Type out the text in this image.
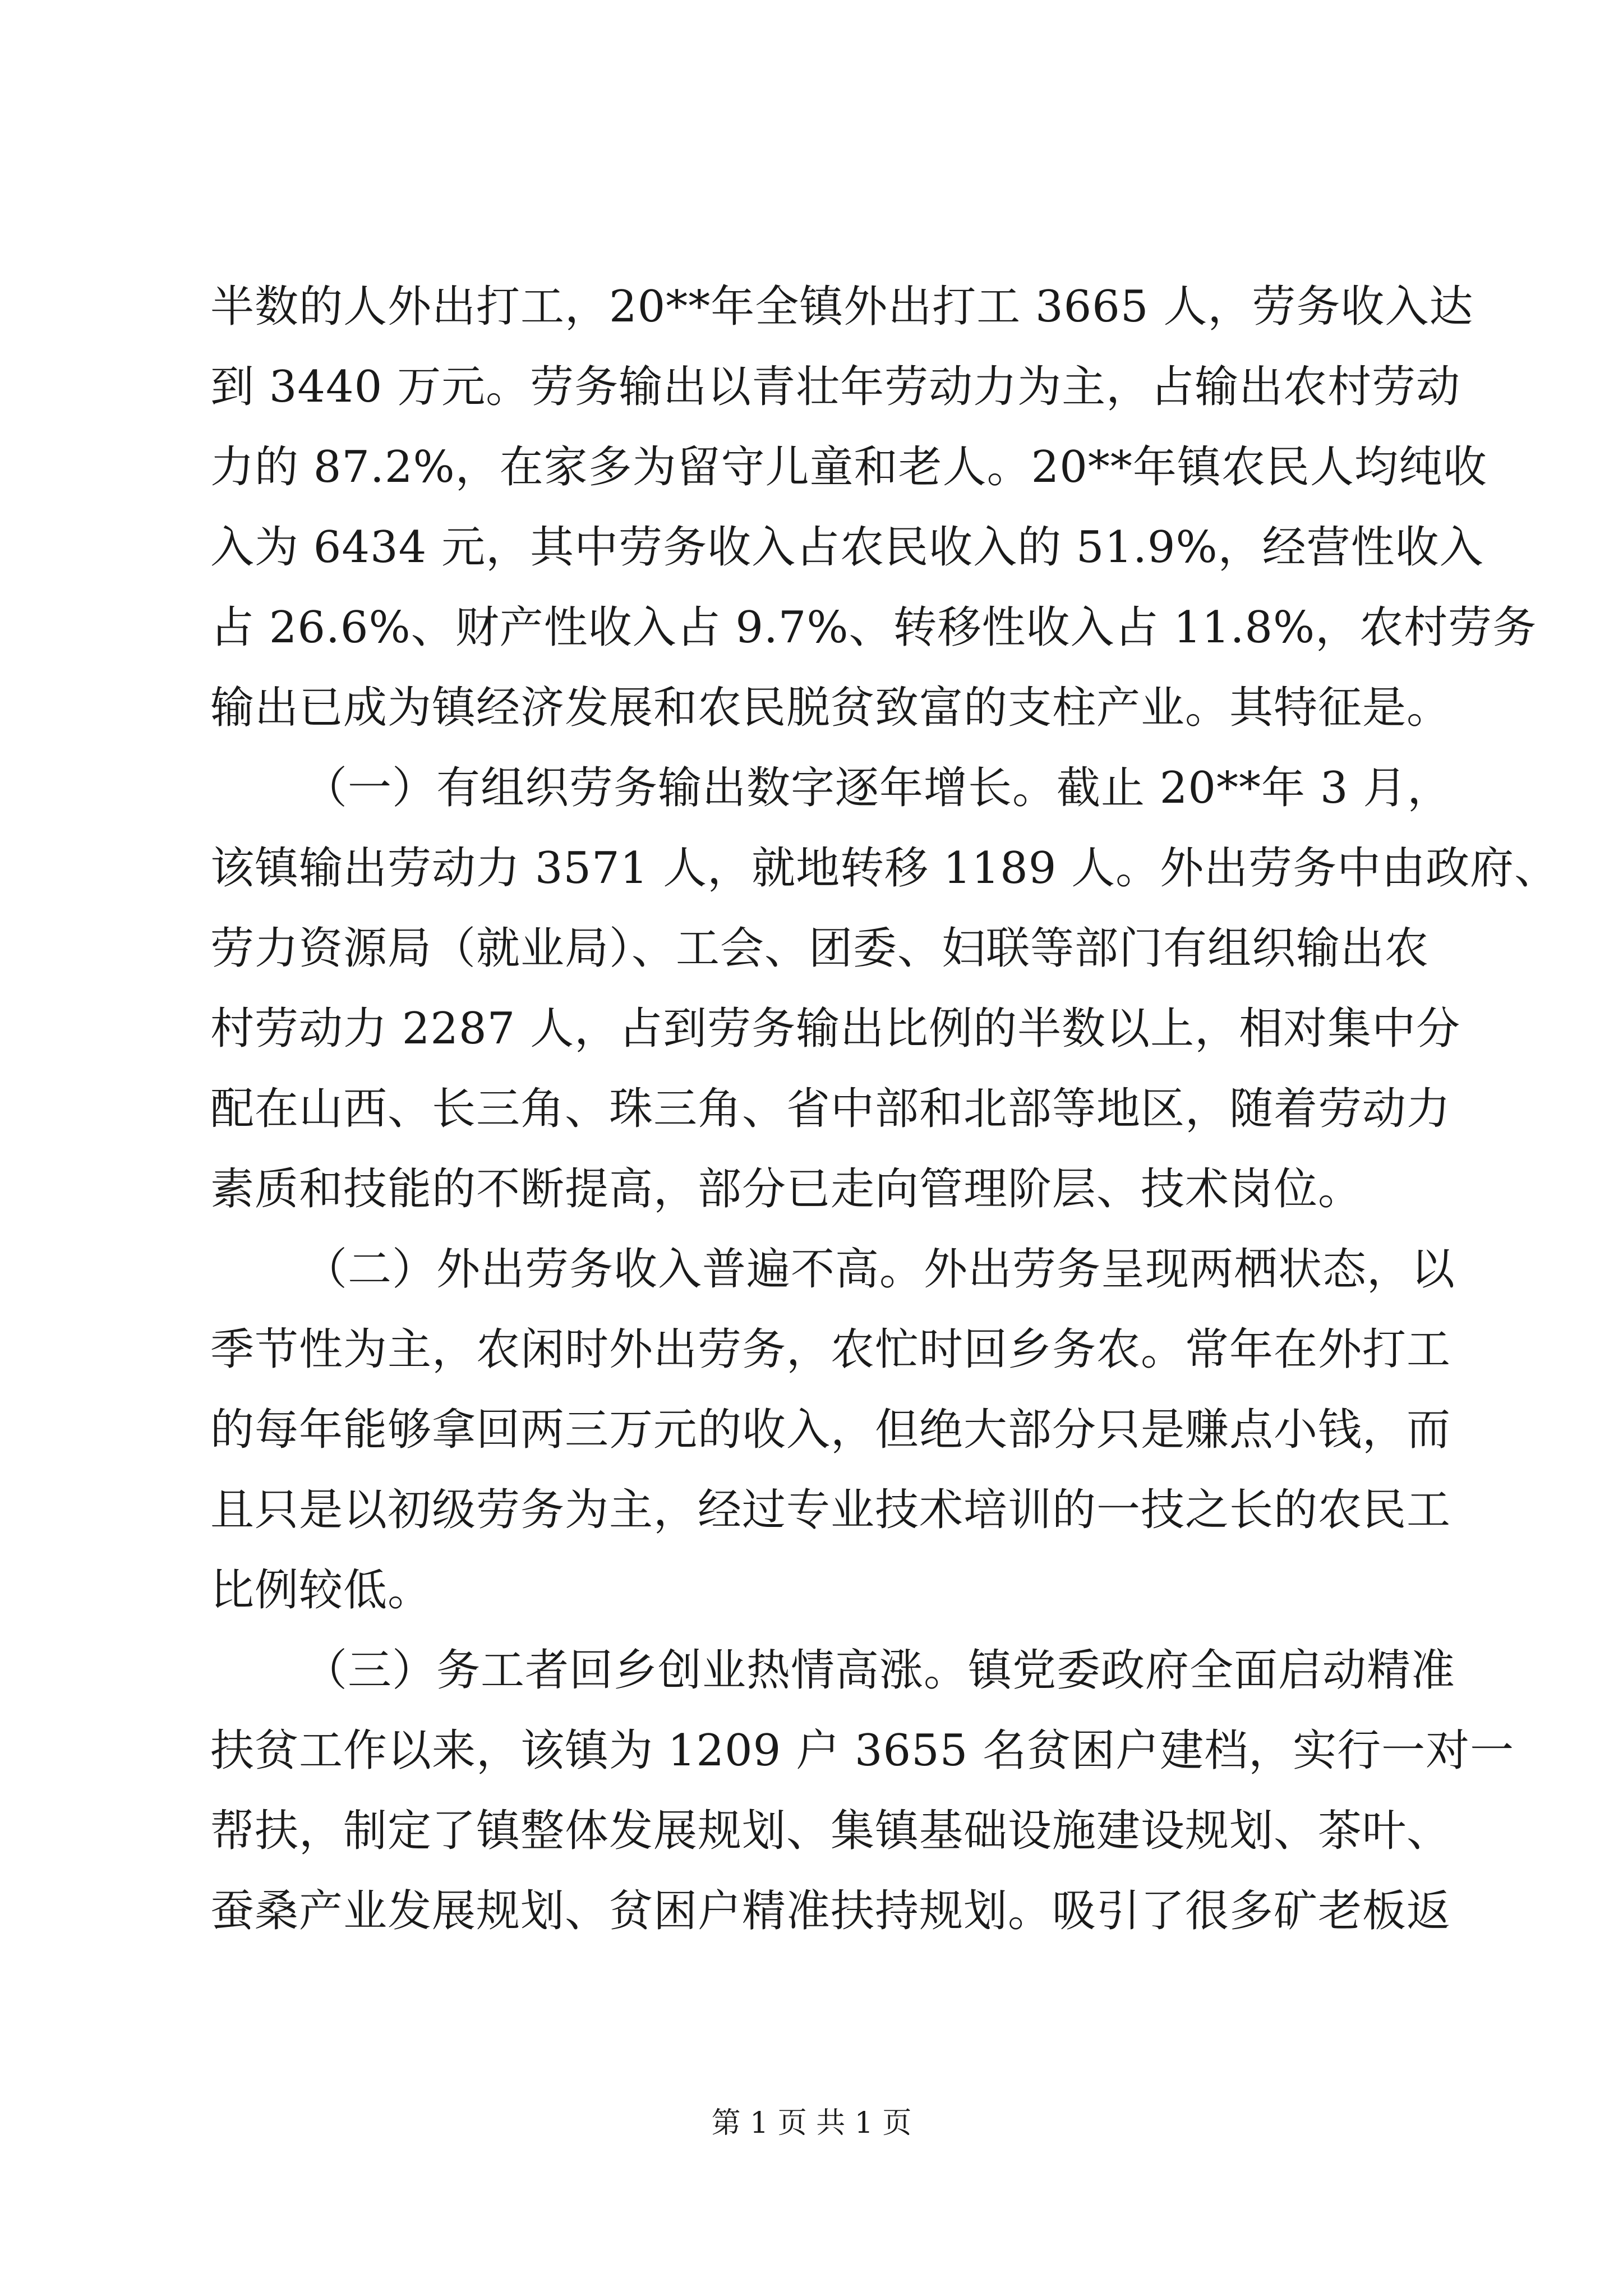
半数的人外出打工，20**年全镇外出打工 3665 人，劳务收入达
到 3440 万元。劳务输出以青壮年劳动力为主，占输出农村劳动
力的 87.2%，在家多为留守儿童和老人。20**年镇农民人均纯收
入为 6434 元，其中劳务收入占农民收入的 51.9%，经营性收入
占 26.6%、财产性收入占 9.7%、转移性收入占 11.8%，农村劳务
输出已成为镇经济发展和农民脱贫致富的支柱产业。其特征是。
（一）有组织劳务输出数字逐年增长。截止 20**年 3 月，
该镇输出劳动力 3571 人，就地转移 1189 人。外出劳务中由政府、
劳力资源局（就业局）、工会、团委、妇联等部门有组织输出农
村劳动力 2287 人，占到劳务输出比例的半数以上，相对集中分
配在山西、长三角、珠三角、省中部和北部等地区，随着劳动力
素质和技能的不断提高，部分已走向管理阶层、技术岗位。
（二）外出劳务收入普遍不高。外出劳务呈现两栖状态，以
季节性为主，农闲时外出劳务，农忙时回乡务农。常年在外打工
的每年能够拿回两三万元的收入，但绝大部分只是赚点小钱，而
且只是以初级劳务为主，经过专业技术培训的一技之长的农民工
比例较低。
（三）务工者回乡创业热情高涨。镇党委政府全面启动精准
扶贫工作以来，该镇为 1209 户 3655 名贫困户建档，实行一对一
帮扶，制定了镇整体发展规划、集镇基础设施建设规划、茶叶、
蚕桑产业发展规划、贫困户精准扶持规划。吸引了很多矿老板返
第 1 页 共 1 页
